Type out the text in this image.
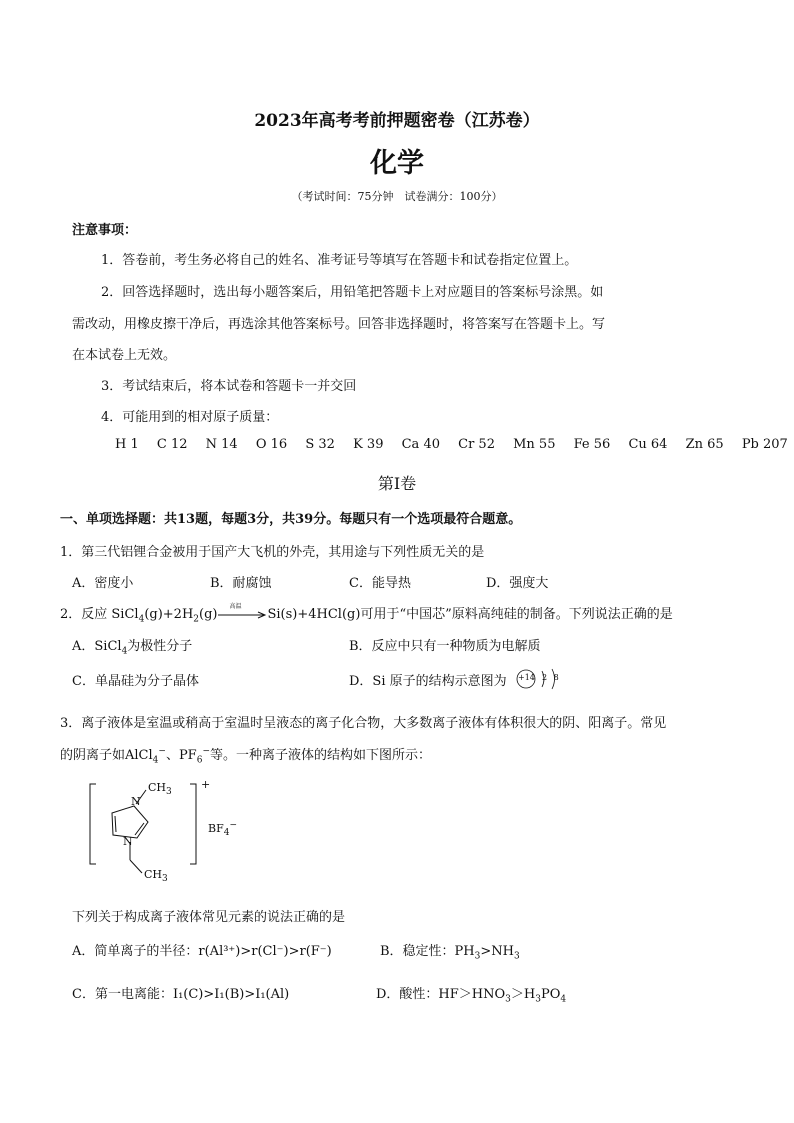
2023年高考考前押题密卷（江苏卷）
化学
（考试时间：75分钟　试卷满分：100分）
注意事项：
1．答卷前，考生务必将自己的姓名、准考证号等填写在答题卡和试卷指定位置上。
2．回答选择题时，选出每小题答案后，用铅笔把答题卡上对应题目的答案标号涂黑。如
需改动，用橡皮擦干净后，再选涂其他答案标号。回答非选择题时，将答案写在答题卡上。写
在本试卷上无效。
3．考试结束后，将本试卷和答题卡一并交回
4．可能用到的相对原子质量：
H 1 C 12 N 14 O 16 S 32 K 39 Ca 40 Cr 52 Mn 55 Fe 56 Cu 64 Zn 65 Pb 207
第Ⅰ卷
一、单项选择题：共13题，每题3分，共39分。每题只有一个选项最符合题意。
1．第三代铝锂合金被用于国产大飞机的外壳，其用途与下列性质无关的是
A．密度小	B．耐腐蚀	C．能导热	D．强度大
2．反应 $SiCl_4(g)+2H_2(g)$
高温
Si(s)+4HCl(g)可用于“中国芯”原料高纯硅的制备。下列说法正确的是
A．SiCl$_4$为极性分子	B．反应中只有一种物质为电解质
C．单晶硅为分子晶体	D．Si 原子的结构示意图为 +14 2 8
3．离子液体是室温或稍高于室温时呈液态的离子化合物，大多数离子液体有体积很大的阴、阳离子。常见
的阴离子如AlCl$_4$−、$PF_6^-$等。一种离子液体的结构如下图所示：
N
N
$CH_3$
$CH_3$
+
$BF_4^-$
下列关于构成离子液体常见元素的说法正确的是
A．简单离子的半径：r(Al³⁺)>r(Cl⁻)>r(F⁻)	B．稳定性：$PH_3>NH_3$
C．第一电离能：I₁(C)>I₁(B)>I₁(Al)	D．酸性：$HF>HNO_3>H_3PO_4$
